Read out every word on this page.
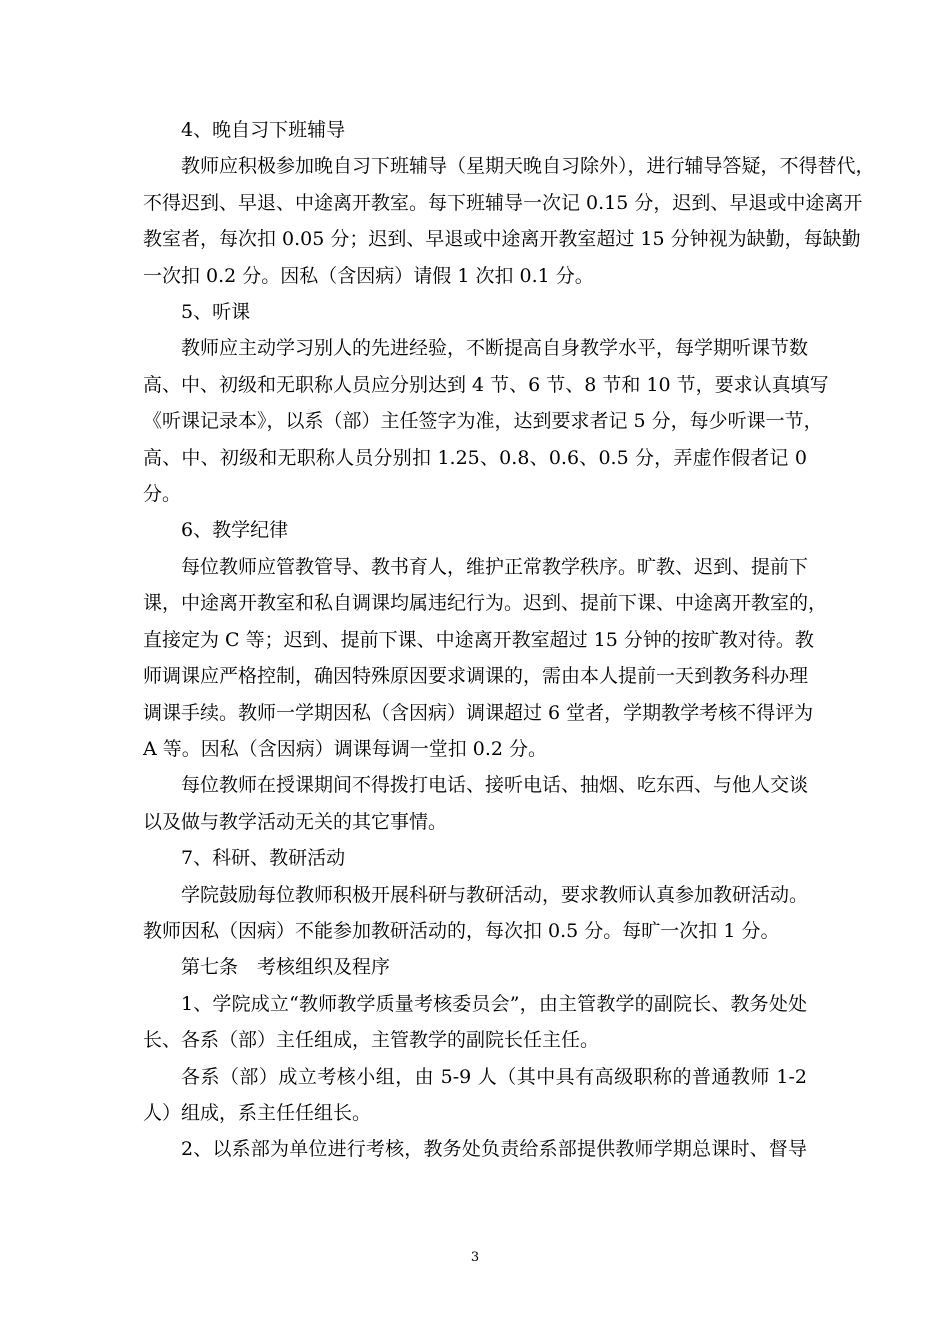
4、晚自习下班辅导
教师应积极参加晚自习下班辅导（星期天晚自习除外），进行辅导答疑，不得替代，
不得迟到、早退、中途离开教室。每下班辅导一次记 0.15 分，迟到、早退或中途离开
教室者，每次扣 0.05 分；迟到、早退或中途离开教室超过 15 分钟视为缺勤，每缺勤
一次扣 0.2 分。因私（含因病）请假 1 次扣 0.1 分。
5、听课
教师应主动学习别人的先进经验，不断提高自身教学水平，每学期听课节数
高、中、初级和无职称人员应分别达到 4 节、6 节、8 节和 10 节，要求认真填写
《听课记录本》，以系（部）主任签字为准，达到要求者记 5 分，每少听课一节，
高、中、初级和无职称人员分别扣 1.25、0.8、0.6、0.5 分，弄虚作假者记 0
分。
6、教学纪律
每位教师应管教管导、教书育人，维护正常教学秩序。旷教、迟到、提前下
课，中途离开教室和私自调课均属违纪行为。迟到、提前下课、中途离开教室的，
直接定为 C 等；迟到、提前下课、中途离开教室超过 15 分钟的按旷教对待。教
师调课应严格控制，确因特殊原因要求调课的，需由本人提前一天到教务科办理
调课手续。教师一学期因私（含因病）调课超过 6 堂者，学期教学考核不得评为
A 等。因私（含因病）调课每调一堂扣 0.2 分。
每位教师在授课期间不得拨打电话、接听电话、抽烟、吃东西、与他人交谈
以及做与教学活动无关的其它事情。
7、科研、教研活动
学院鼓励每位教师积极开展科研与教研活动，要求教师认真参加教研活动。
教师因私（因病）不能参加教研活动的，每次扣 0.5 分。每旷一次扣 1 分。
第七条　考核组织及程序
1、学院成立“教师教学质量考核委员会”，由主管教学的副院长、教务处处
长、各系（部）主任组成，主管教学的副院长任主任。
各系（部）成立考核小组，由 5-9 人（其中具有高级职称的普通教师 1-2
人）组成，系主任任组长。
2、以系部为单位进行考核，教务处负责给系部提供教师学期总课时、督导
3
